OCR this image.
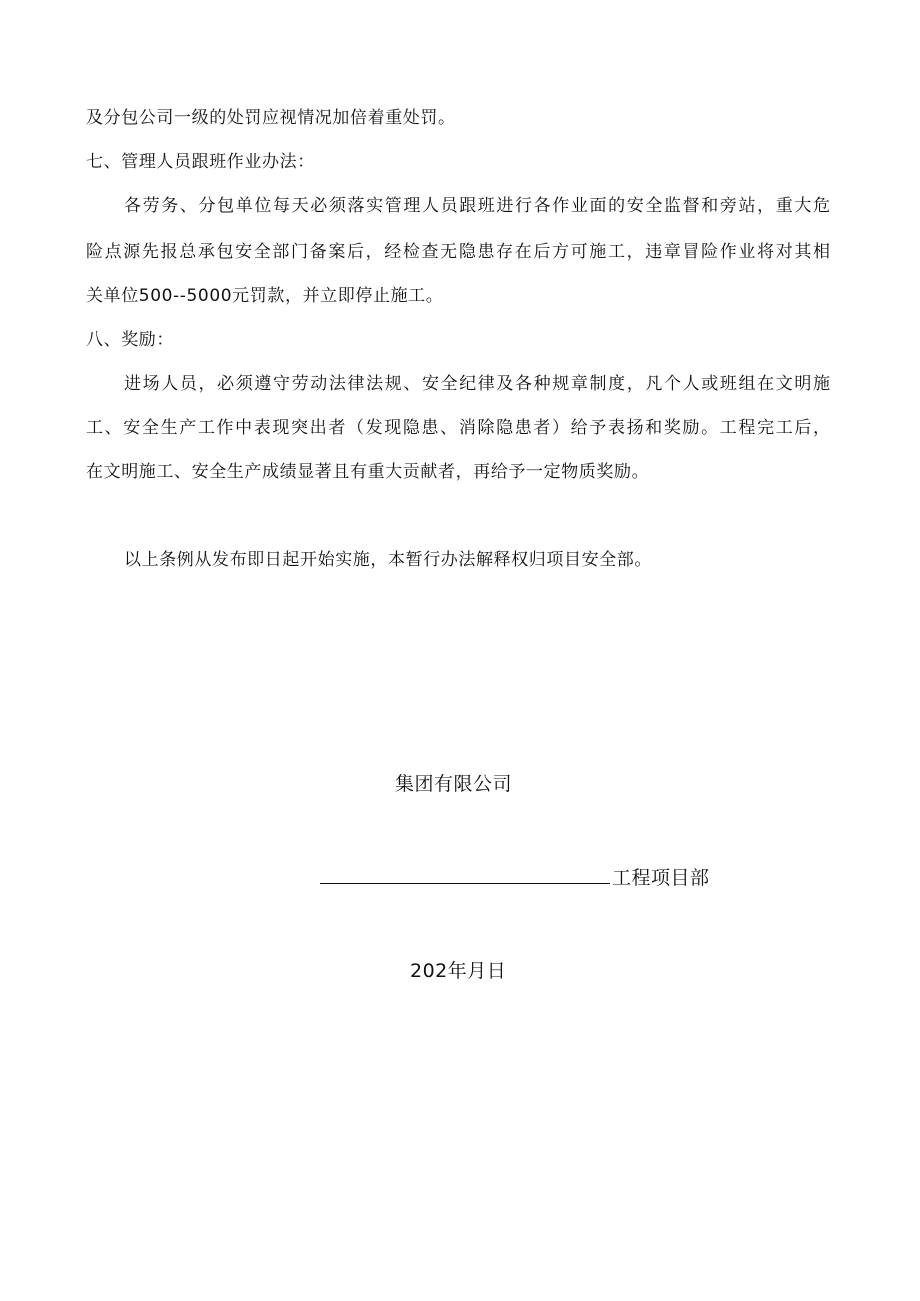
及分包公司一级的处罚应视情况加倍着重处罚。
七、管理人员跟班作业办法：
各劳务、分包单位每天必须落实管理人员跟班进行各作业面的安全监督和旁站，重大危
险点源先报总承包安全部门备案后，经检查无隐患存在后方可施工，违章冒险作业将对其相
关单位500--5000元罚款，并立即停止施工。
八、奖励：
进场人员，必须遵守劳动法律法规、安全纪律及各种规章制度，凡个人或班组在文明施
工、安全生产工作中表现突出者（发现隐患、消除隐患者）给予表扬和奖励。工程完工后，
在文明施工、安全生产成绩显著且有重大贡献者，再给予一定物质奖励。
以上条例从发布即日起开始实施，本暂行办法解释权归项目安全部。
集团有限公司
工程项目部
202年月日
